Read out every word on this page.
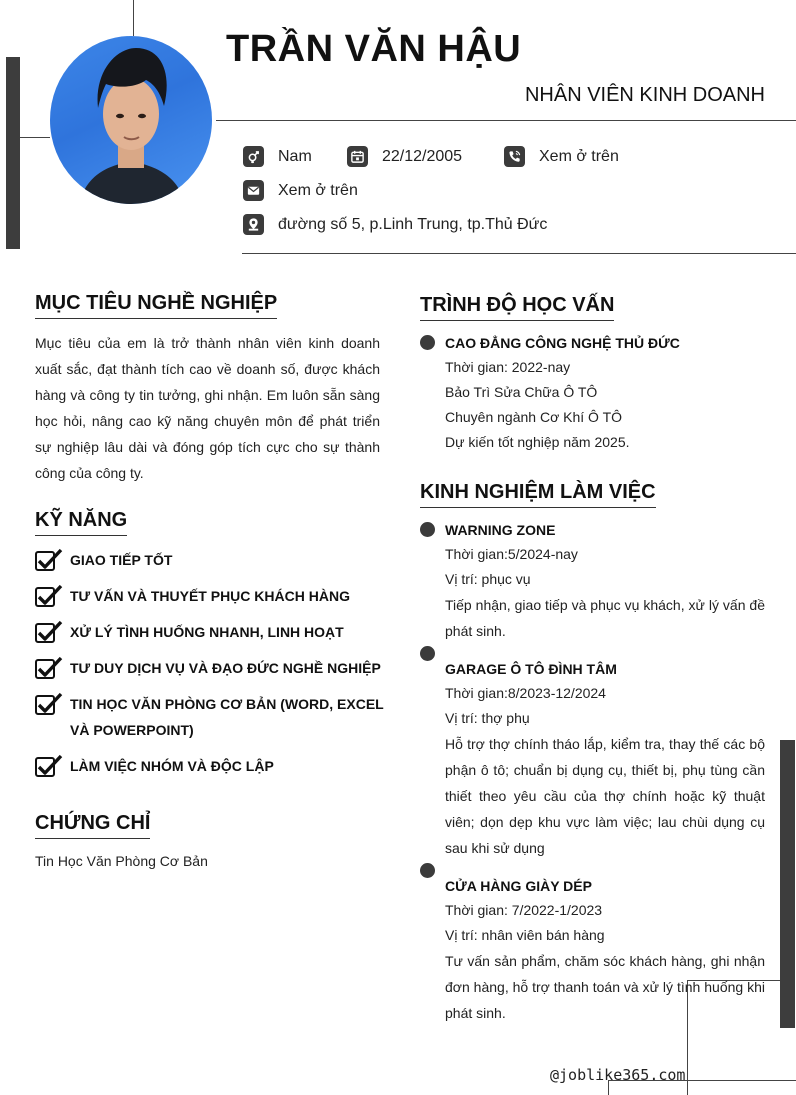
TRẦN VĂN HẬU
NHÂN VIÊN KINH DOANH
Nam	22/12/2005	Xem ở trên
Xem ở trên
đường số 5, p.Linh Trung, tp.Thủ Đức
MỤC TIÊU NGHỀ NGHIỆP
Mục tiêu của em là trở thành nhân viên kinh doanh xuất sắc, đạt thành tích cao về doanh số, được khách hàng và công ty tin tưởng, ghi nhận. Em luôn sẵn sàng học hỏi, nâng cao kỹ năng chuyên môn để phát triển sự nghiệp lâu dài và đóng góp tích cực cho sự thành công của công ty.
KỸ NĂNG
GIAO TIẾP TỐT
TƯ VẤN VÀ THUYẾT PHỤC KHÁCH HÀNG
XỬ LÝ TÌNH HUỐNG NHANH, LINH HOẠT
TƯ DUY DỊCH VỤ VÀ ĐẠO ĐỨC NGHỀ NGHIỆP
TIN HỌC VĂN PHÒNG CƠ BẢN (WORD, EXCEL VÀ POWERPOINT)
LÀM VIỆC NHÓM VÀ ĐỘC LẬP
CHỨNG CHỈ
Tin Học Văn Phòng Cơ Bản
TRÌNH ĐỘ HỌC VẤN
CAO ĐẲNG CÔNG NGHỆ THỦ ĐỨC
Thời gian: 2022-nay
Bảo Trì Sửa Chữa Ô TÔ
Chuyên ngành Cơ Khí Ô TÔ
Dự kiến tốt nghiệp năm 2025.
KINH NGHIỆM LÀM VIỆC
WARNING ZONE
Thời gian:5/2024-nay
Vị trí: phục vụ
Tiếp nhận, giao tiếp và phục vụ khách, xử lý vấn đề phát sinh.
GARAGE Ô TÔ ĐÌNH TÂM
Thời gian:8/2023-12/2024
Vị trí: thợ phụ
Hỗ trợ thợ chính tháo lắp, kiểm tra, thay thế các bộ phận ô tô; chuẩn bị dụng cụ, thiết bị, phụ tùng cần thiết theo yêu cầu của thợ chính hoặc kỹ thuật viên; dọn dẹp khu vực làm việc; lau chùi dụng cụ sau khi sử dụng
CỬA HÀNG GIÀY DÉP
Thời gian: 7/2022-1/2023
Vị trí: nhân viên bán hàng
Tư vấn sản phẩm, chăm sóc khách hàng, ghi nhận đơn hàng, hỗ trợ thanh toán và xử lý tình huống khi phát sinh.
@joblike365.com
